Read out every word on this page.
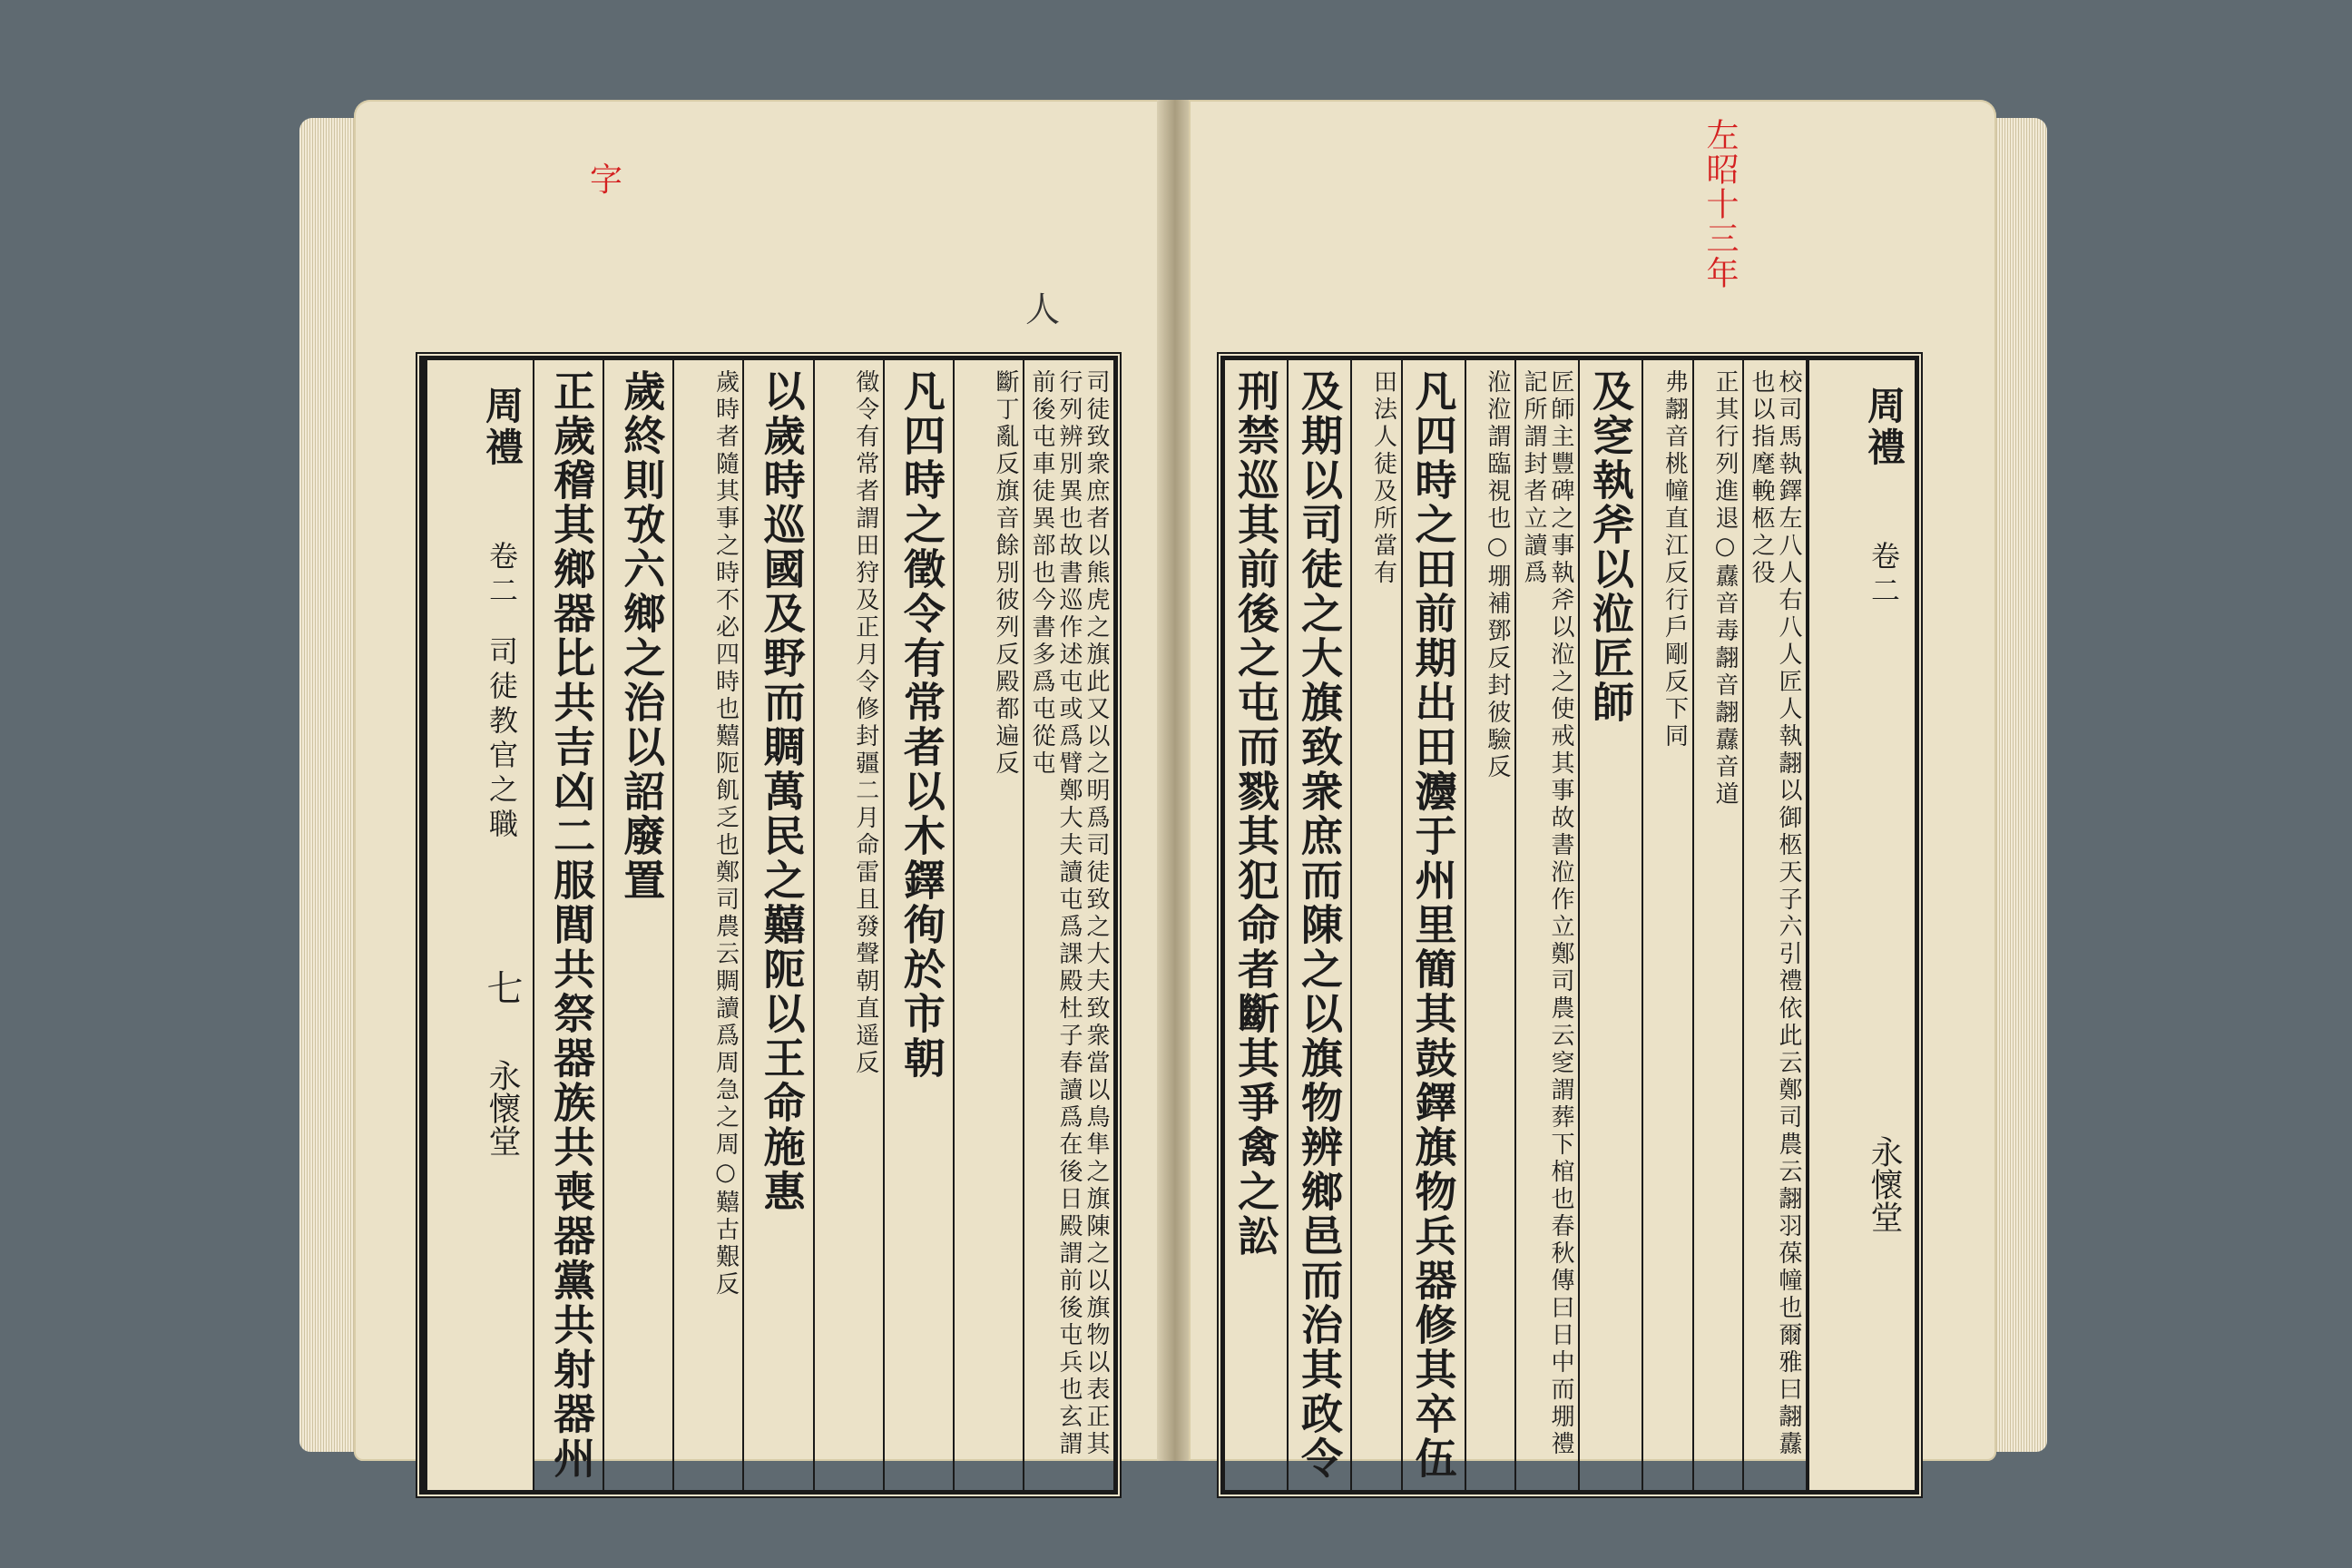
字
人
司徒致衆庶者以熊虎之旗此又以之明爲司徒致之大夫致衆當以鳥隼之旗陳之以旗物以表正其行列辨別異也故書巡作述屯或爲臂鄭大夫讀屯爲課殿杜子春讀爲在後日殿謂前後屯兵也玄謂前後屯車徒異部也今書多爲屯從屯
斷丁亂反旗音餘別彼列反殿都遍反
凡四時之徵令有常者以木鐸徇於市朝
徵令有常者謂田狩及正月令修封疆二月命雷且發聲朝直遥反
以歲時巡國及野而賙萬民之囏阨以王命施惠
歲時者隨其事之時不必四時也囏阨飢乏也鄭司農云賙讀爲周急之周○囏古艱反
歲終則攷六鄉之治以詔廢置
正歲稽其鄉器比共吉凶二服閭共祭器族共喪器黨共射器州
周禮 卷二 司徒教官之職 七 永懷堂
左昭十三年
周禮 卷二 永懷堂
校司馬執鐸左八人右八人匠人執翿以御柩天子六引禮依此云鄭司農云翿羽葆幢也爾雅曰翿纛也以指麾輓柩之役
正其行列進退○纛音毒翿音翿纛音道
弗翿音桃幢直江反行戶剛反下同
及窆執斧以涖匠師
匠師主豐碑之事執斧以涖之使戒其事故書涖作立鄭司農云窆謂葬下棺也春秋傳曰日中而堋禮記所謂封者立讀爲
涖涖謂臨視也○堋補鄧反封彼驗反
凡四時之田前期出田灋于州里簡其鼓鐸旗物兵器修其卒伍
田法人徒及所當有
及期以司徒之大旗致衆庶而陳之以旗物辨鄉邑而治其政令
刑禁巡其前後之屯而戮其犯命者斷其爭禽之訟
